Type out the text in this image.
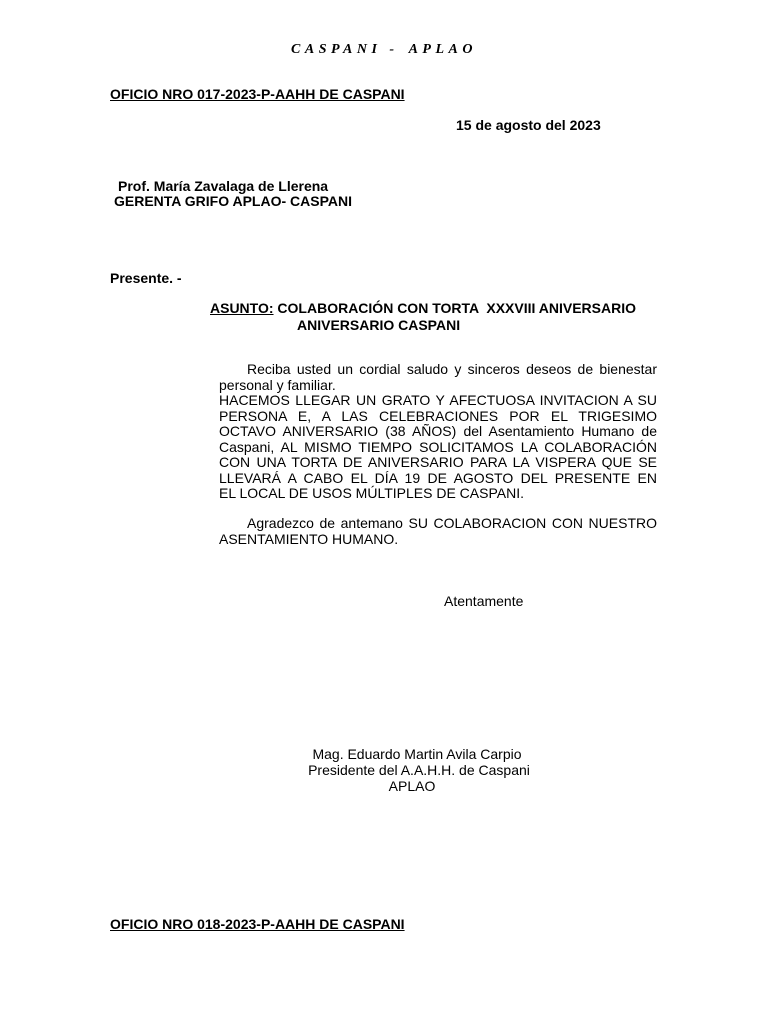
CASPANI - APLAO
OFICIO NRO 017-2023-P-AAHH DE CASPANI
15 de agosto del 2023
Prof. María Zavalaga de Llerena
GERENTA GRIFO APLAO- CASPANI
Presente. -
ASUNTO: COLABORACIÓN CON TORTA  XXXVIII ANIVERSARIO
ANIVERSARIO CASPANI
Reciba usted un cordial saludo y sinceros deseos de bienestar
personal y familiar.
HACEMOS LLEGAR UN GRATO Y AFECTUOSA INVITACION A SU
PERSONA E, A LAS CELEBRACIONES POR EL TRIGESIMO
OCTAVO ANIVERSARIO (38 AÑOS) del Asentamiento Humano de
Caspani, AL MISMO TIEMPO SOLICITAMOS LA COLABORACIÓN
CON UNA TORTA DE ANIVERSARIO PARA LA VISPERA QUE SE
LLEVARÁ A CABO EL DÍA 19 DE AGOSTO DEL PRESENTE EN
EL LOCAL DE USOS MÚLTIPLES DE CASPANI.
Agradezco de antemano SU COLABORACION CON NUESTRO
ASENTAMIENTO HUMANO.
Atentamente
Mag. Eduardo Martin Avila Carpio
Presidente del A.A.H.H. de Caspani
APLAO
OFICIO NRO 018-2023-P-AAHH DE CASPANI
